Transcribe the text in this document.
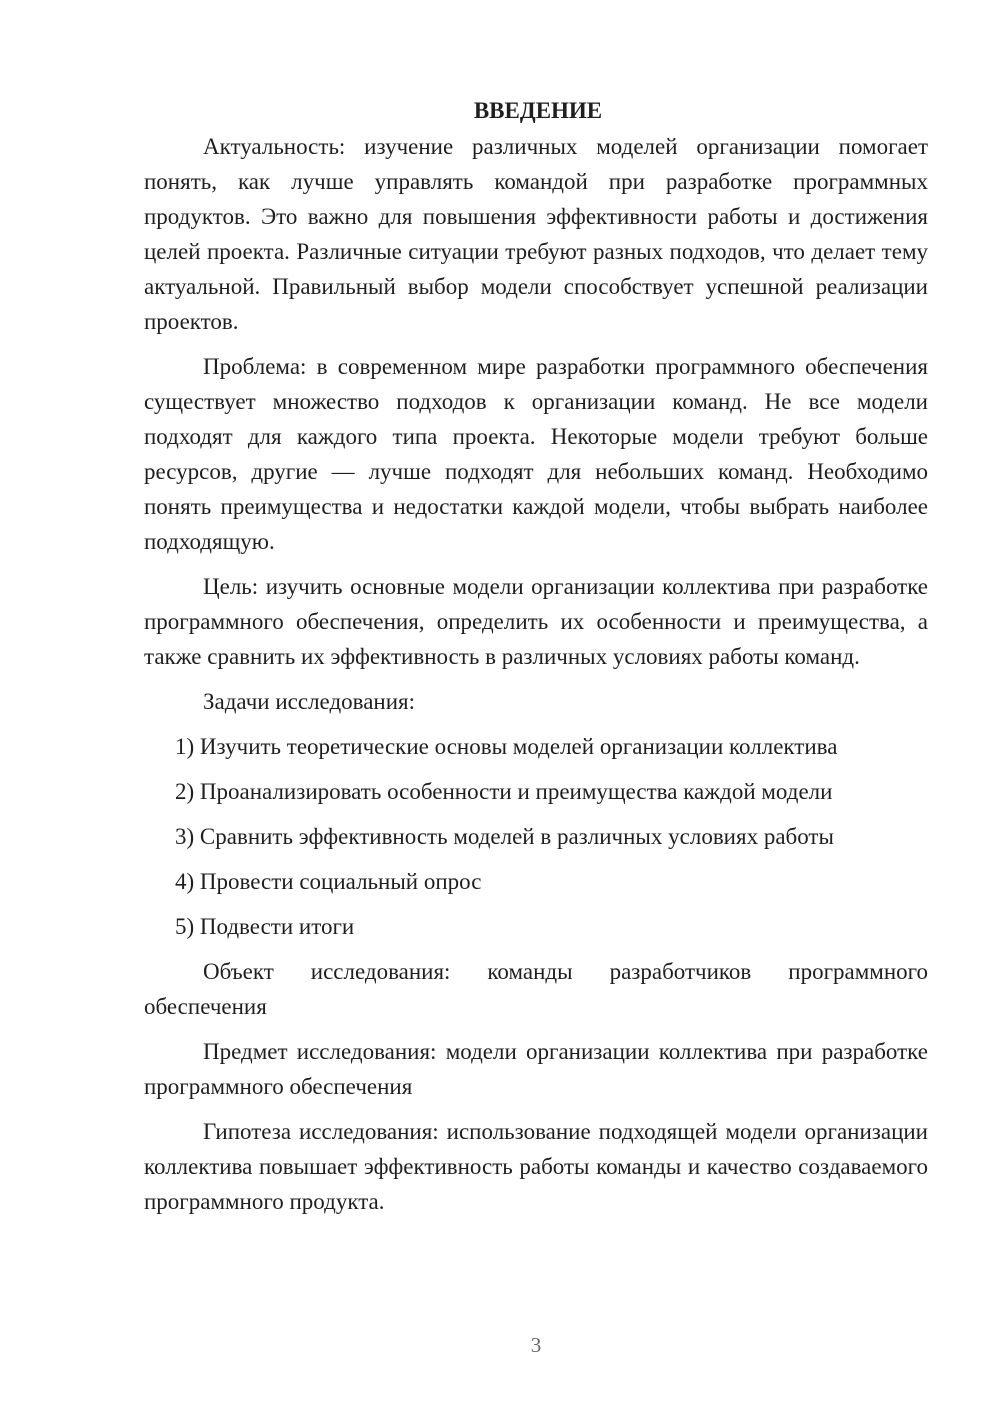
ВВЕДЕНИЕ

Актуальность: изучение различных моделей организации помогает понять, как лучше управлять командой при разработке программных продуктов. Это важно для повышения эффективности работы и достижения целей проекта. Различные ситуации требуют разных подходов, что делает тему актуальной. Правильный выбор модели способствует успешной реализации проектов.

Проблема: в современном мире разработки программного обеспечения существует множество подходов к организации команд. Не все модели подходят для каждого типа проекта. Некоторые модели требуют больше ресурсов, другие — лучше подходят для небольших команд. Необходимо понять преимущества и недостатки каждой модели, чтобы выбрать наиболее подходящую.

Цель: изучить основные модели организации коллектива при разработке программного обеспечения, определить их особенности и преимущества, а также сравнить их эффективность в различных условиях работы команд.

Задачи исследования:

1) Изучить теоретические основы моделей организации коллектива
2) Проанализировать особенности и преимущества каждой модели
3) Сравнить эффективность моделей в различных условиях работы
4) Провести социальный опрос
5) Подвести итоги

Объект исследования: команды разработчиков программного обеспечения

Предмет исследования: модели организации коллектива при разработке программного обеспечения

Гипотеза исследования: использование подходящей модели организации коллектива повышает эффективность работы команды и качество создаваемого программного продукта.

3
